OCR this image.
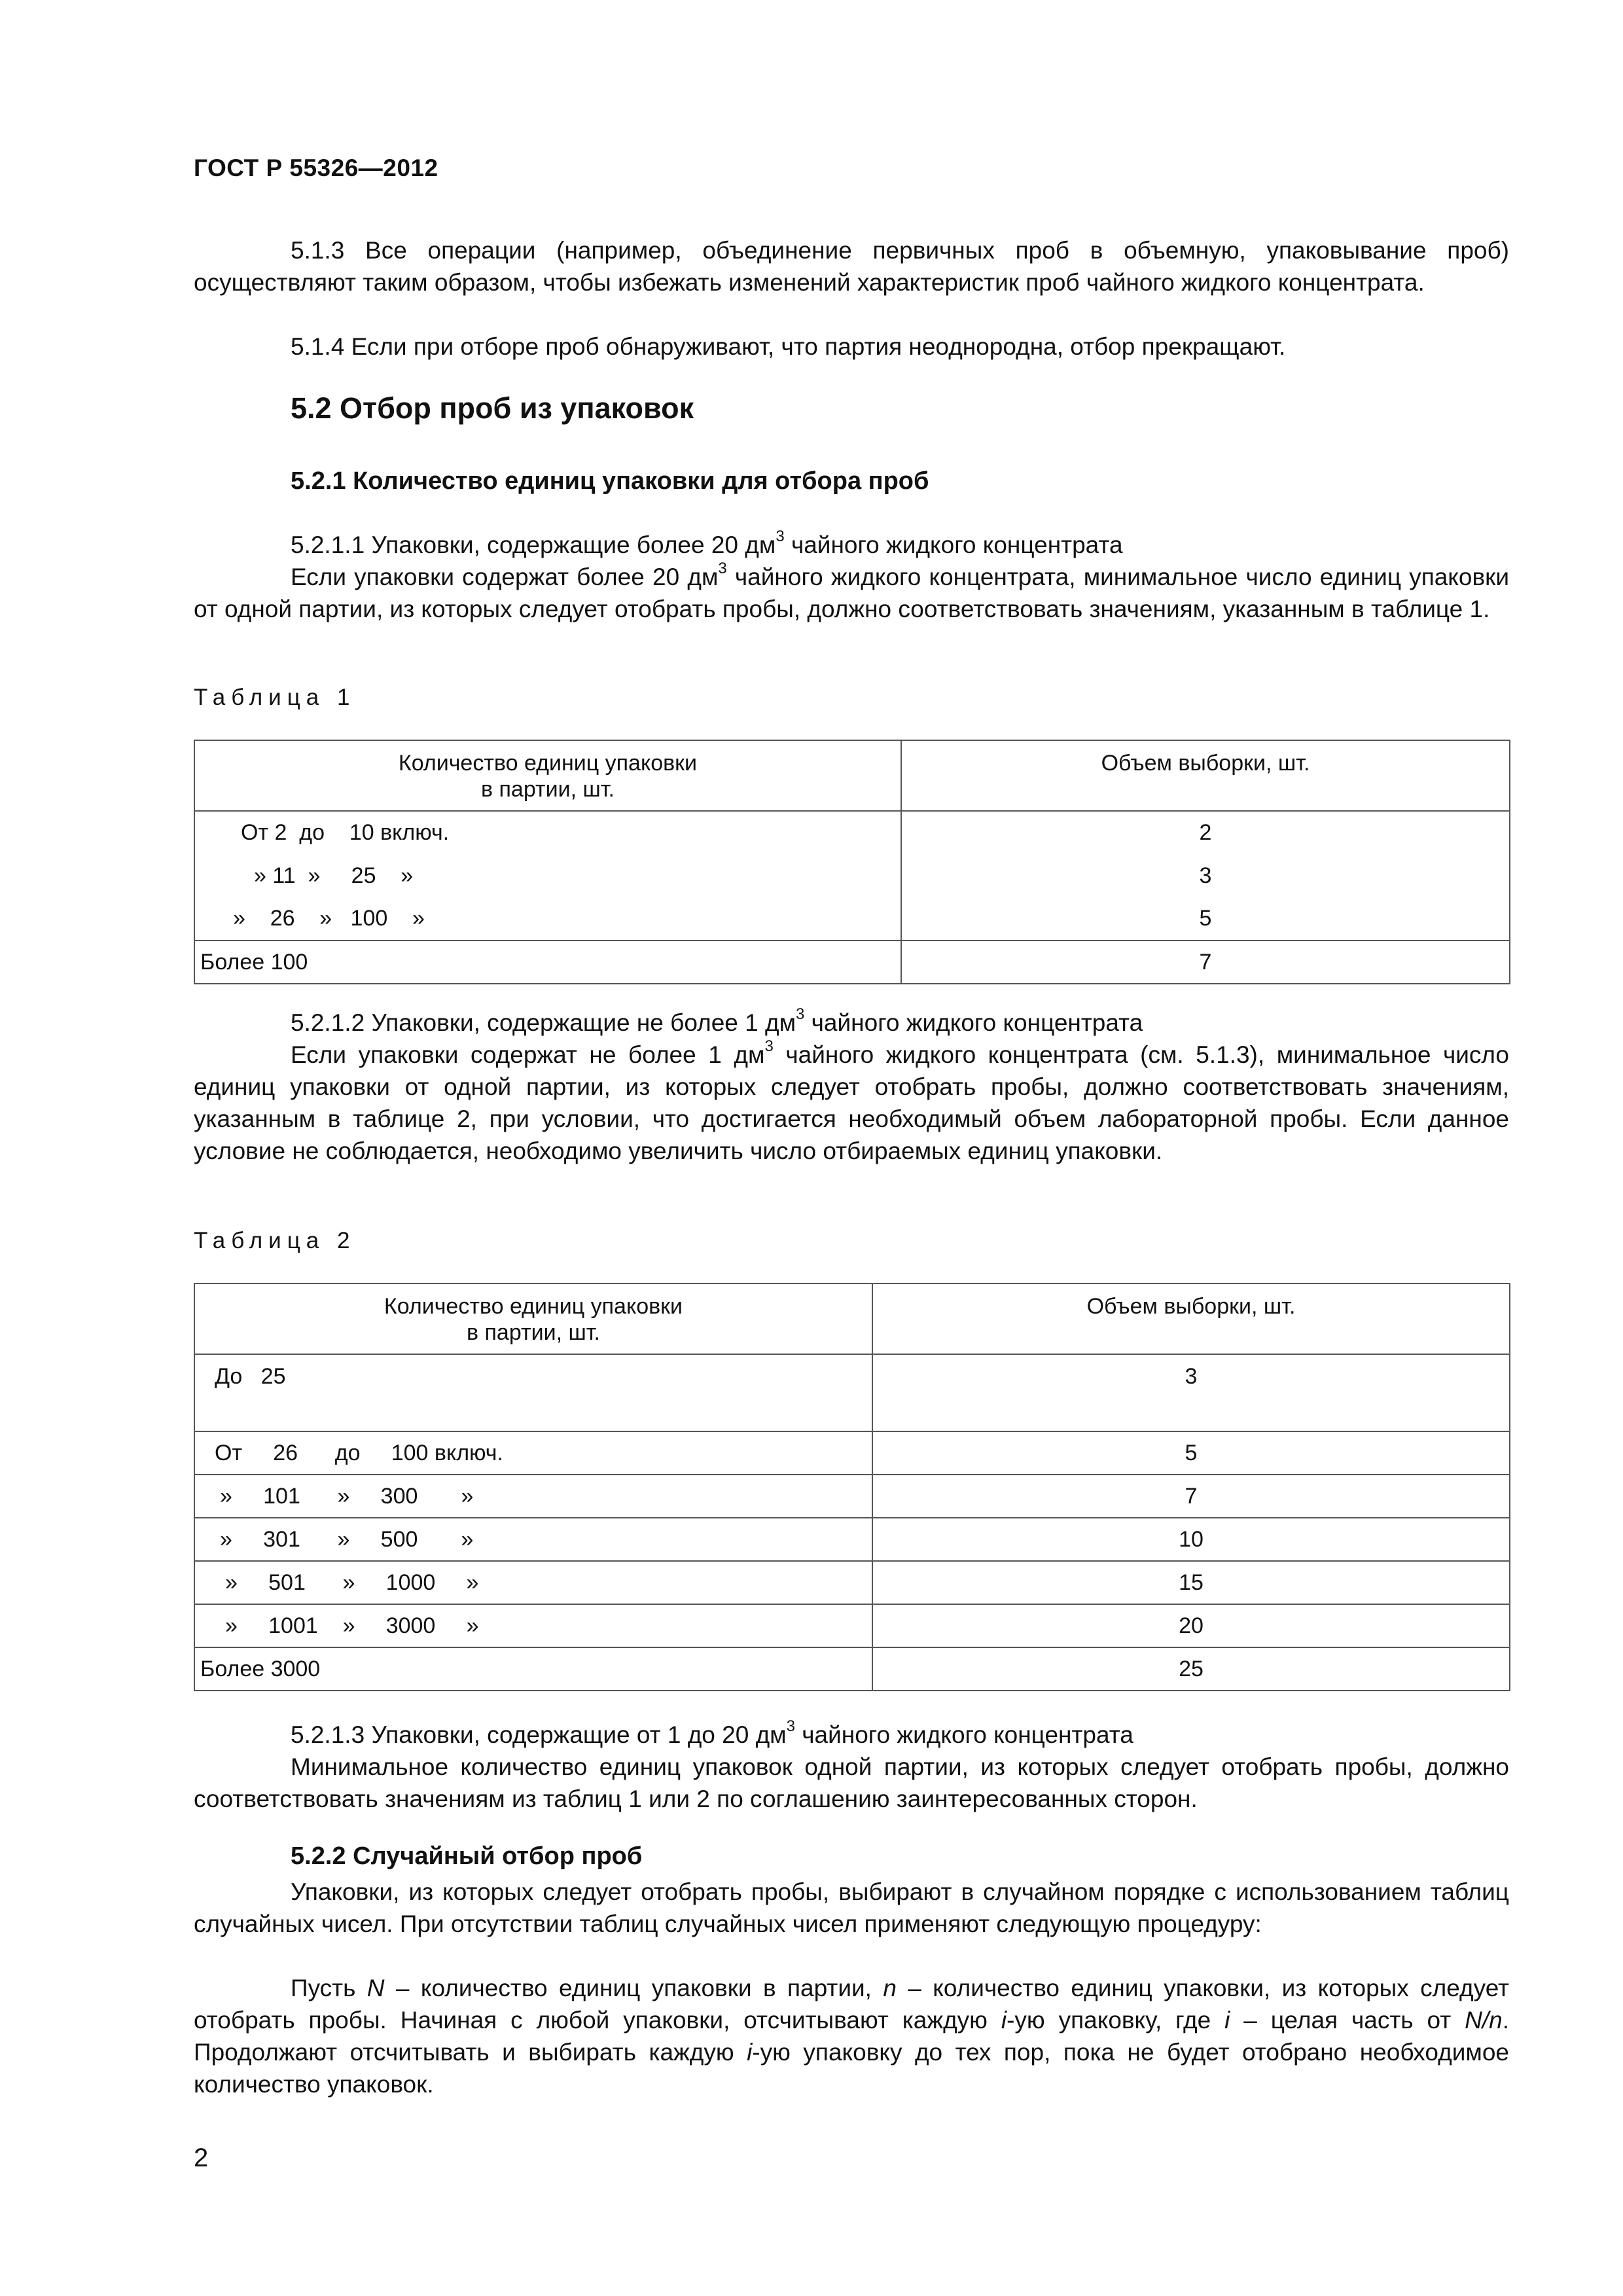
ГОСТ Р 55326—2012

5.1.3 Все операции (например, объединение первичных проб в объемную, упаковывание проб) осуществляют таким образом, чтобы избежать изменений характеристик проб чайного жидкого концентрата.

5.1.4 Если при отборе проб обнаруживают, что партия неоднородна, отбор прекращают.

5.2 Отбор проб из упаковок
5.2.1 Количество единиц упаковки для отбора проб

5.2.1.1 Упаковки, содержащие более 20 $дм^3$ чайного жидкого концентрата

Если упаковки содержат более 20 $дм^3$ чайного жидкого концентрата, минимальное число единиц упаковки от одной партии, из которых следует отобрать пробы, должно соответствовать значениям, указанным в таблице 1.

Таблица 1
Количество единиц упаковки
в партии, шт.	Объем выборки, шт.
От 2  до    10 включ.	2
» 11  »     25    »	3
»    26    »   100    »	5
Более 100	7

5.2.1.2 Упаковки, содержащие не более 1 $дм^3$ чайного жидкого концентрата

Если упаковки содержат не более 1 $дм^3$ чайного жидкого концентрата (см. 5.1.3), минимальное число единиц упаковки от одной партии, из которых следует отобрать пробы, должно соответствовать значениям, указанным в таблице 2, при условии, что достигается необходимый объем лабораторной пробы. Если данное условие не соблюдается, необходимо увеличить число отбираемых единиц упаковки.

Таблица 2
Количество единиц упаковки
в партии, шт.	Объем выборки, шт.
До   25	3
От     26      до     100 включ.	5
»     101      »     300       »	7
»     301      »     500       »	10
»     501      »     1000     »	15
»     1001    »     3000     »	20
Более 3000	25

5.2.1.3 Упаковки, содержащие от 1 до 20 $дм^3$ чайного жидкого концентрата

Минимальное количество единиц упаковок одной партии, из которых следует отобрать пробы, должно соответствовать значениям из таблиц 1 или 2 по соглашению заинтересованных сторон.

5.2.2 Случайный отбор проб

Упаковки, из которых следует отобрать пробы, выбирают в случайном порядке с использованием таблиц случайных чисел. При отсутствии таблиц случайных чисел применяют следующую процедуру:

Пусть N – количество единиц упаковки в партии, n – количество единиц упаковки, из которых следует отобрать пробы. Начиная с любой упаковки, отсчитывают каждую i-ую упаковку, где i – целая часть от N/n. Продолжают отсчитывать и выбирать каждую i-ую упаковку до тех пор, пока не будет отобрано необходимое количество упаковок.

2
